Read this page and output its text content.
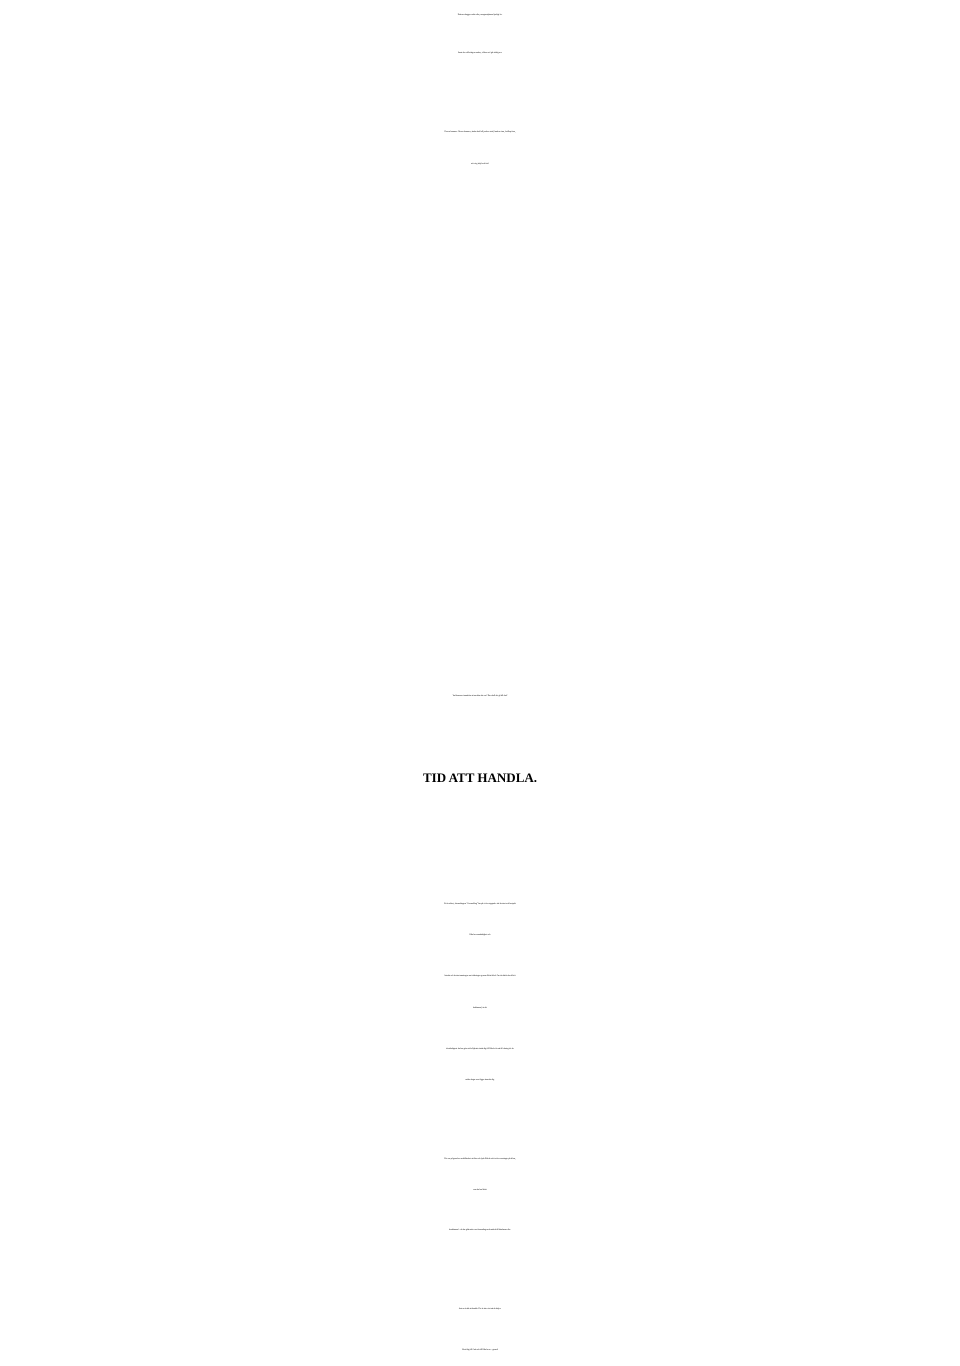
Nattens skuggor sakta vika, morgonstjärnan ljuvligt ler.
Snart den sälla dagen randas, vilkens sol går aldrig ner.
Herren kommer. Herren kommer, ändas skall all jordens strid, bruden siras, bröllop firas,
uti evig fröjd och frid.
Vad kommer framtiden at innebära för oss? Hur skall det gå till slut?
TID ATT HANDLA.
Ett är säkert, församlingens ”förvandling” har på ett övertygande sätt bevisat och bestyrkt
Bibelns sannfärdighet och
hävdat och bevisat sanningen om frälsningen genom Kristi blod. Om du därför har blivit
karlämnad, är det
förståndigaste du kan göra att helhjärtat vända dig till Bibeln för att få ledning för de
mörka dagar som ligger framför dig.
Det var på grund av uraktlåtenhet att läsa och lyda Bibeln och ta dess varningar på allvar,
som du har blivit
kvarlämnad – du har gått miste om församlingens hemfärd till himlarnas rike.
Just nu är tid att handla. Det är inte värt att du dröjer.
Vänd dig till Gud och till Bibeln nu – genast!
